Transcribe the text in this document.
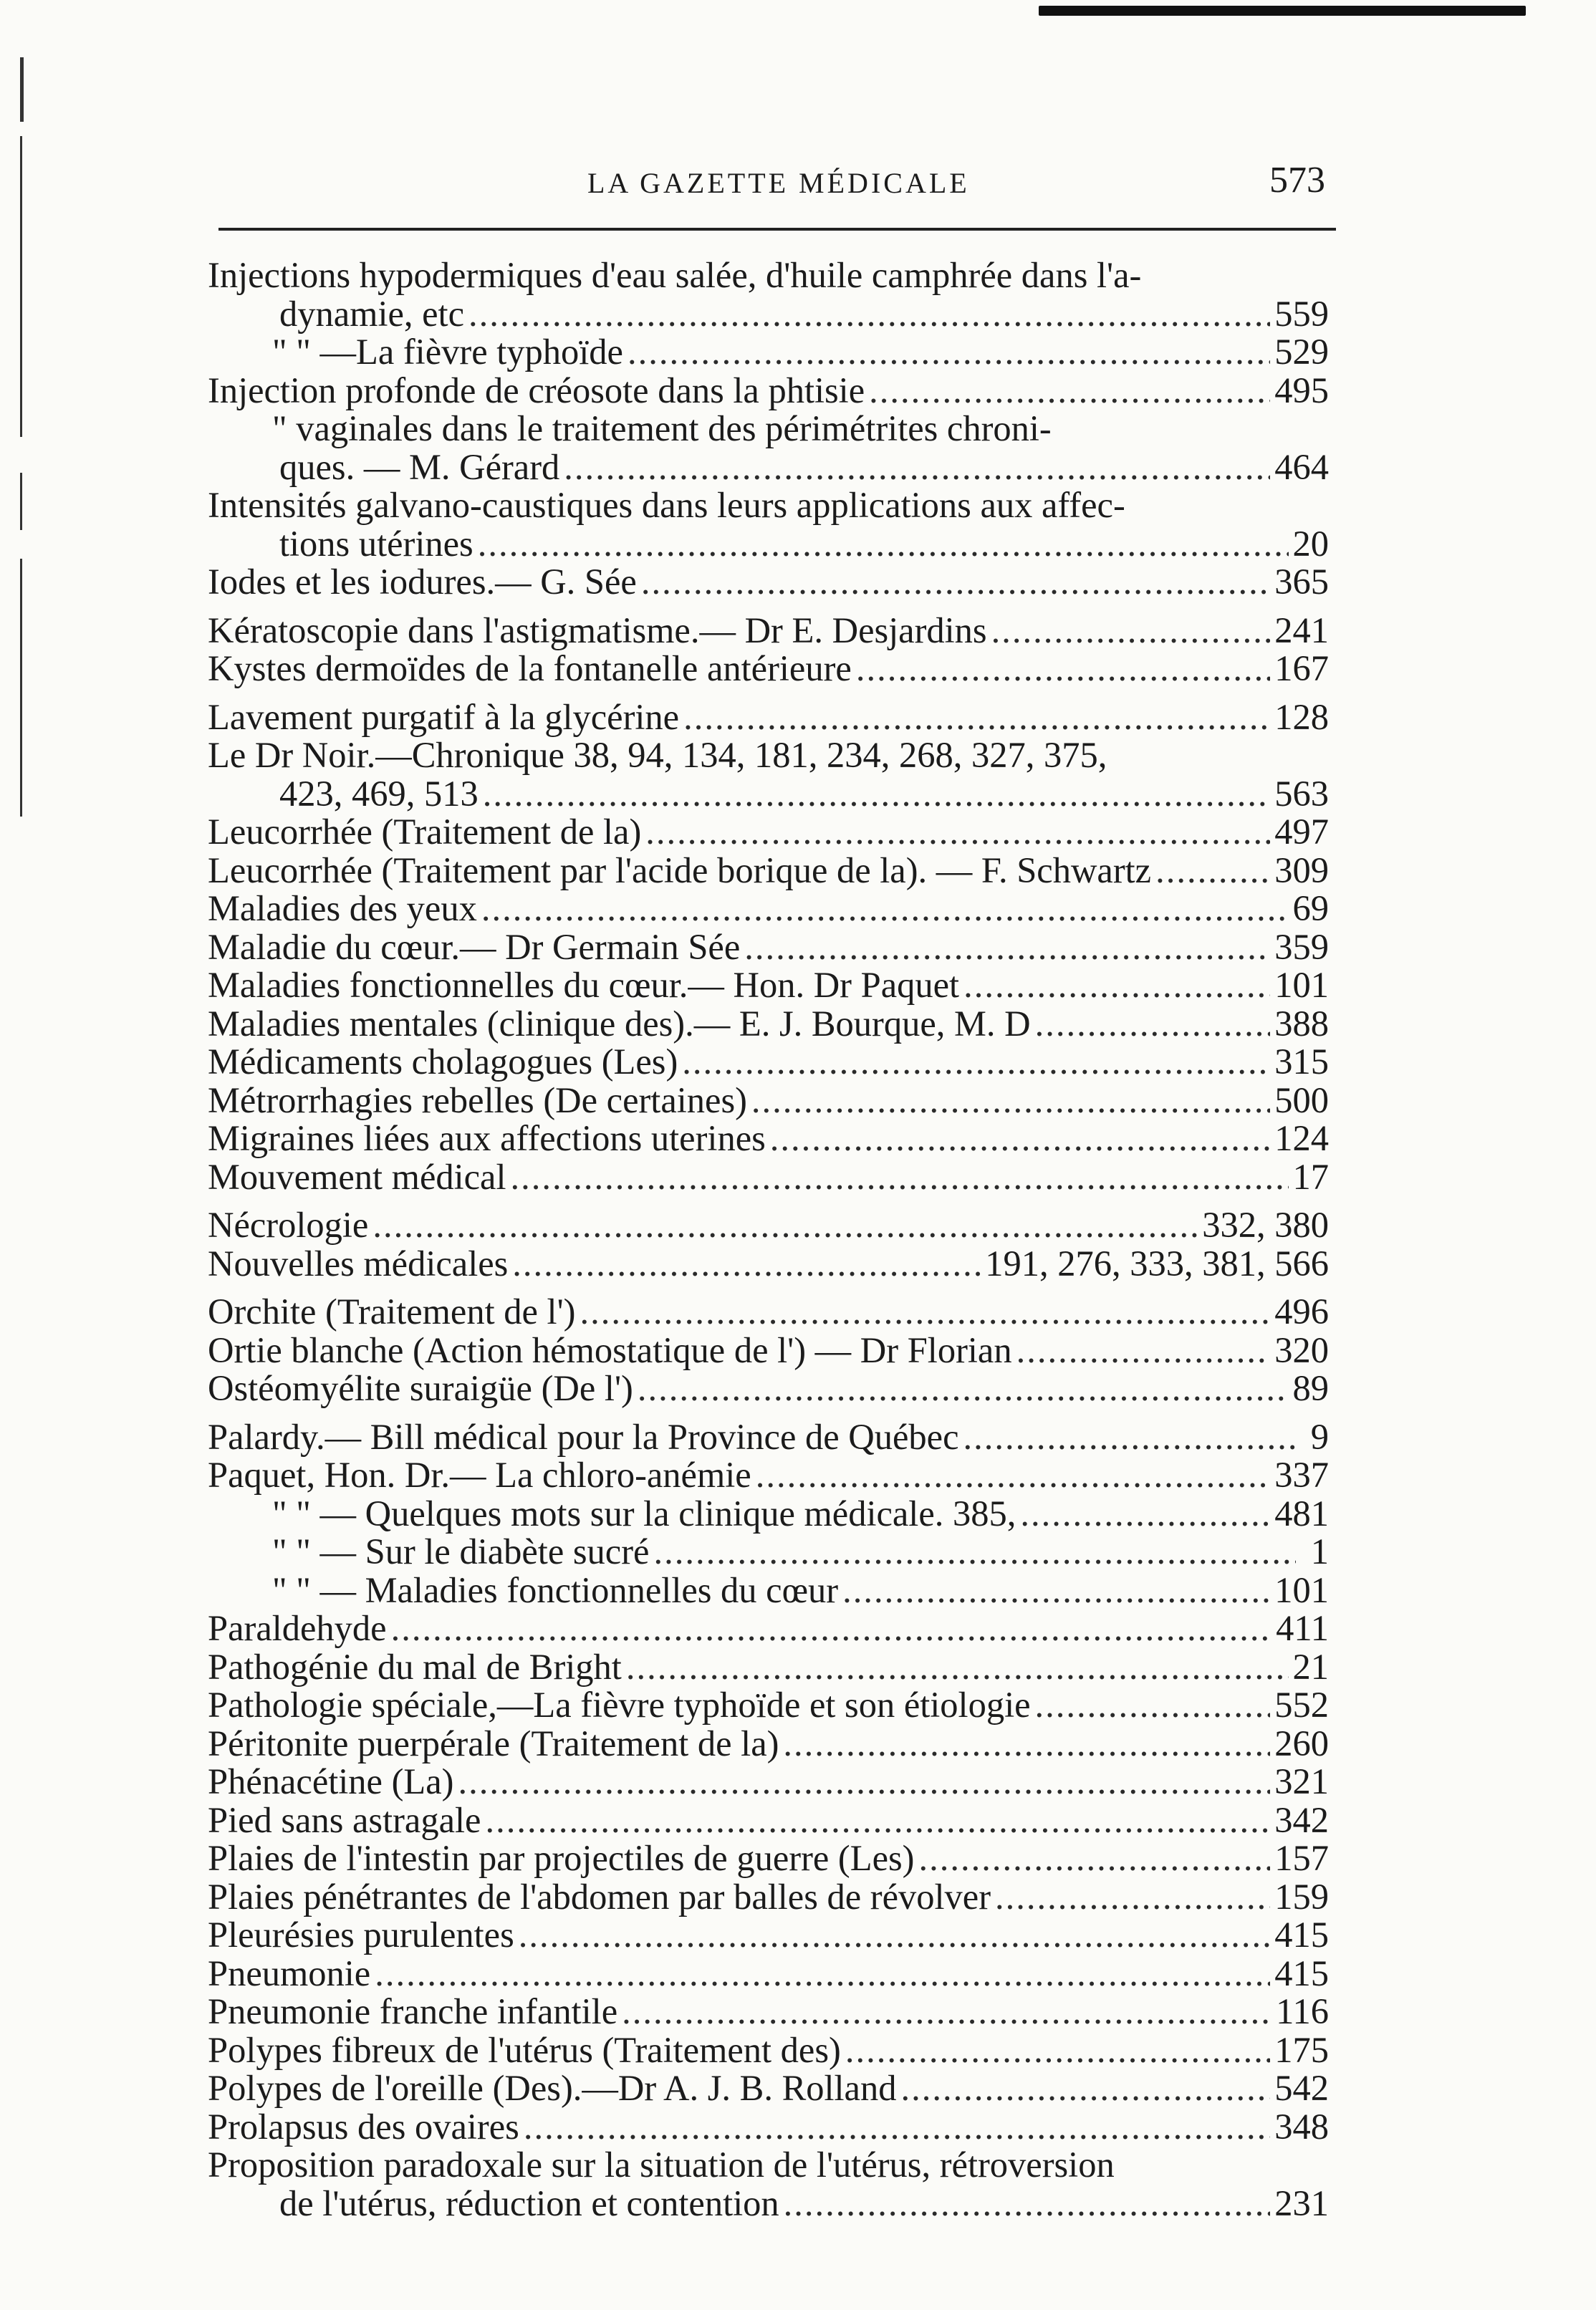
LA GAZETTE MÉDICALE	573
Injections hypodermiques d'eau salée, d'huile camphrée dans l'a-
dynamie, etc .....	559
" " —La fièvre typhoïde .....	529
Injection profonde de créosote dans la phtisie .....	495
" vaginales dans le traitement des périmétrites chroni-
ques. — M. Gérard .....	464
Intensités galvano-caustiques dans leurs applications aux affec-
tions utérines .....	20
Iodes et les iodures.— G. Sée .....	365
Kératoscopie dans l'astigmatisme.— Dr E. Desjardins .....	241
Kystes dermoïdes de la fontanelle antérieure .....	167
Lavement purgatif à la glycérine .....	128
Le Dr Noir.—Chronique 38, 94, 134, 181, 234, 268, 327, 375,
423, 469, 513 .....	563
Leucorrhée (Traitement de la) .....	497
Leucorrhée (Traitement par l'acide borique de la). — F. Schwartz .....	309
Maladies des yeux .....	69
Maladie du cœur.— Dr Germain Sée .....	359
Maladies fonctionnelles du cœur.— Hon. Dr Paquet .....	101
Maladies mentales (clinique des).— E. J. Bourque, M. D .....	388
Médicaments cholagogues (Les) .....	315
Métrorrhagies rebelles (De certaines) .....	500
Migraines liées aux affections uterines .....	124
Mouvement médical .....	17
Nécrologie .....	332, 380
Nouvelles médicales .....	191, 276, 333, 381, 566
Orchite (Traitement de l') .....	496
Ortie blanche (Action hémostatique de l') — Dr Florian .....	320
Ostéomyélite suraigüe (De l') .....	89
Palardy.— Bill médical pour la Province de Québec .....	9
Paquet, Hon. Dr.— La chloro-anémie .....	337
" " — Quelques mots sur la clinique médicale. 385, .....	481
" " — Sur le diabète sucré .....	1
" " — Maladies fonctionnelles du cœur .....	101
Paraldehyde .....	411
Pathogénie du mal de Bright .....	21
Pathologie spéciale,—La fièvre typhoïde et son étiologie .....	552
Péritonite puerpérale (Traitement de la) .....	260
Phénacétine (La) .....	321
Pied sans astragale .....	342
Plaies de l'intestin par projectiles de guerre (Les) .....	157
Plaies pénétrantes de l'abdomen par balles de révolver .....	159
Pleurésies purulentes .....	415
Pneumonie .....	415
Pneumonie franche infantile .....	116
Polypes fibreux de l'utérus (Traitement des) .....	175
Polypes de l'oreille (Des).—Dr A. J. B. Rolland .....	542
Prolapsus des ovaires .....	348
Proposition paradoxale sur la situation de l'utérus, rétroversion
de l'utérus, réduction et contention .....	231
